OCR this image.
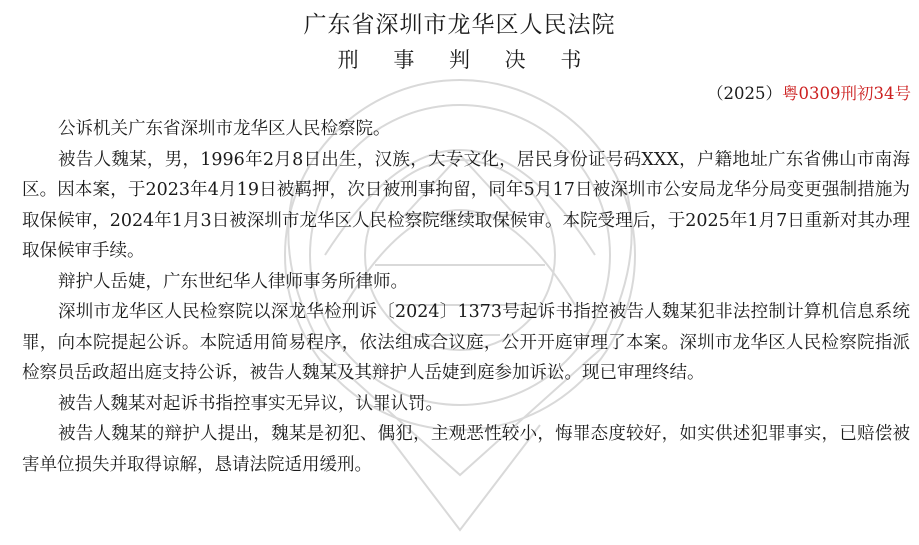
广东省深圳市龙华区人民法院
刑 事 判 决 书
（2025）粤0309刑初34号

公诉机关广东省深圳市龙华区人民检察院。

被告人魏某，男，1996年2月8日出生，汉族，大专文化，居民身份证号码XXX，户籍地址广东省佛山市南海区。因本案，于2023年4月19日被羁押，次日被刑事拘留，同年5月17日被深圳市公安局龙华分局变更强制措施为取保候审，2024年1月3日被深圳市龙华区人民检察院继续取保候审。本院受理后，于2025年1月7日重新对其办理取保候审手续。

辩护人岳婕，广东世纪华人律师事务所律师。

深圳市龙华区人民检察院以深龙华检刑诉〔2024〕1373号起诉书指控被告人魏某犯非法控制计算机信息系统罪，向本院提起公诉。本院适用简易程序，依法组成合议庭，公开开庭审理了本案。深圳市龙华区人民检察院指派检察员岳政超出庭支持公诉，被告人魏某及其辩护人岳婕到庭参加诉讼。现已审理终结。

被告人魏某对起诉书指控事实无异议，认罪认罚。

被告人魏某的辩护人提出，魏某是初犯、偶犯，主观恶性较小，悔罪态度较好，如实供述犯罪事实，已赔偿被害单位损失并取得谅解，恳请法院适用缓刑。
